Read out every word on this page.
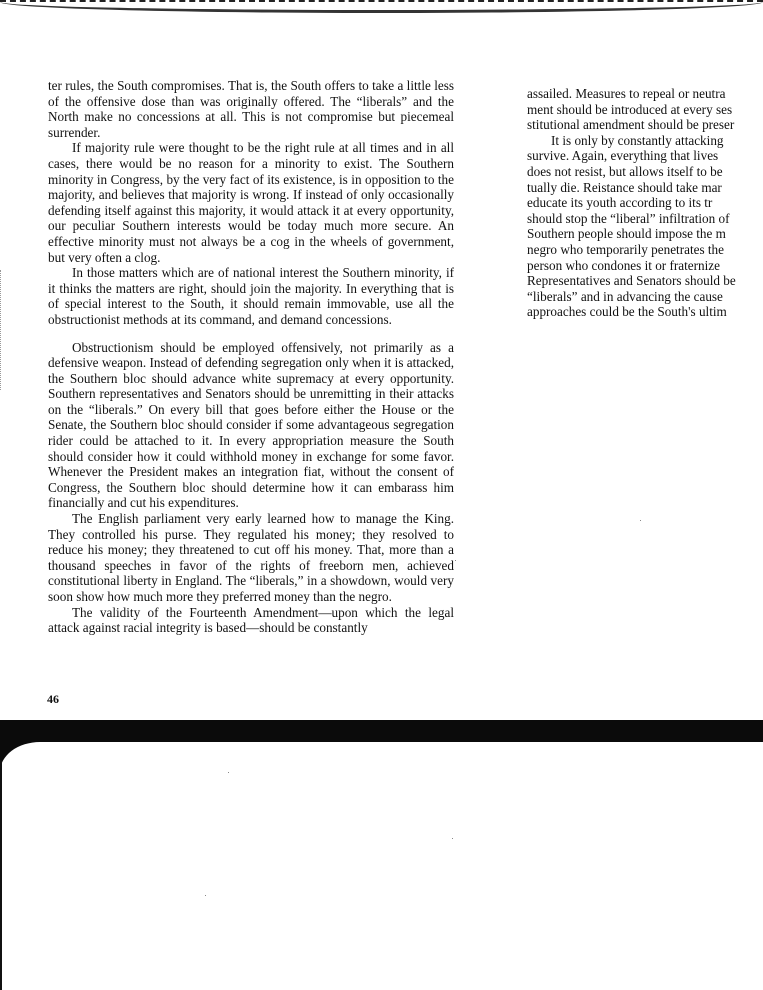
ter rules, the South compromises. That is, the South offers to take a little less of the offensive dose than was originally offered. The “liberals” and the North make no concessions at all. This is not compromise but piecemeal surrender.

If majority rule were thought to be the right rule at all times and in all cases, there would be no reason for a minority to exist. The Southern minority in Congress, by the very fact of its existence, is in opposition to the majority, and believes that majority is wrong. If instead of only occasionally defending itself against this majority, it would attack it at every opportunity, our peculiar Southern interests would be today much more secure. An effective minority must not always be a cog in the wheels of government, but very often a clog.

In those matters which are of national interest the Southern minority, if it thinks the matters are right, should join the majority. In everything that is of special interest to the South, it should remain immovable, use all the obstructionist methods at its command, and demand concessions.

Obstructionism should be employed offensively, not primarily as a defensive weapon. Instead of defending segregation only when it is attacked, the Southern bloc should advance white supremacy at every opportunity. Southern representatives and Senators should be unremitting in their attacks on the “liberals.” On every bill that goes before either the House or the Senate, the Southern bloc should consider if some advantageous segregation rider could be attached to it. In every appropriation measure the South should consider how it could withhold money in exchange for some favor. Whenever the President makes an integration fiat, without the consent of Congress, the Southern bloc should determine how it can embarass him financially and cut his expenditures.

The English parliament very early learned how to manage the King. They controlled his purse. They regulated his money; they resolved to reduce his money; they threatened to cut off his money. That, more than a thousand speeches in favor of the rights of freeborn men, achieved constitutional liberty in England. The “liberals,” in a showdown, would very soon show how much more they preferred money than the negro.

The validity of the Fourteenth Amendment—upon which the legal attack against racial integrity is based—should be constantly

46

assailed. Measures to repeal or neutra

ment should be introduced at every ses

stitutional amendment should be preser

It is only by constantly attacking

survive. Again, everything that lives

does not resist, but allows itself to be

tually die. Reistance should take mar

educate its youth according to its tr

should stop the “liberal” infiltration of

Southern people should impose the m

negro who temporarily penetrates the

person who condones it or fraternize

Representatives and Senators should be

“liberals” and in advancing the cause

approaches could be the South's ultim
